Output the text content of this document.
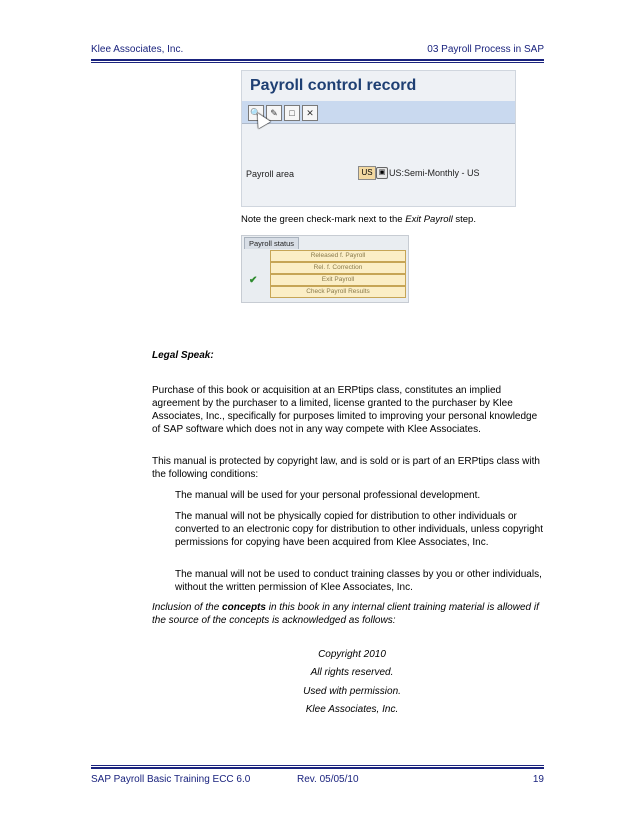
Klee Associates, Inc.	03 Payroll Process in SAP
Payroll control record
🔍 ✎	□	✕
Payroll area	US ▣ US:Semi-Monthly - US
Note the green check-mark next to the Exit Payroll step.
Payroll status
Released f. Payroll
Rel. f. Correction
Exit Payroll
Check Payroll Results
✔
Legal Speak:
Purchase of this book or acquisition at an ERPtips class, constitutes an implied agreement by the purchaser to a limited, license granted to the purchaser by Klee Associates, Inc., specifically for purposes limited to improving your personal knowledge of SAP software which does not in any way compete with Klee Associates.
This manual is protected by copyright law, and is sold or is part of an ERPtips class with the following conditions:
The manual will be used for your personal professional development.
The manual will not be physically copied for distribution to other individuals or converted to an electronic copy for distribution to other individuals, unless copyright permissions for copying have been acquired from Klee Associates, Inc.
The manual will not be used to conduct training classes by you or other individuals, without the written permission of Klee Associates, Inc.
Inclusion of the concepts in this book in any internal client training material is allowed if the source of the concepts is acknowledged as follows:
Copyright 2010
All rights reserved.
Used with permission.
Klee Associates, Inc.
SAP Payroll Basic Training ECC 6.0	Rev. 05/05/10	19
